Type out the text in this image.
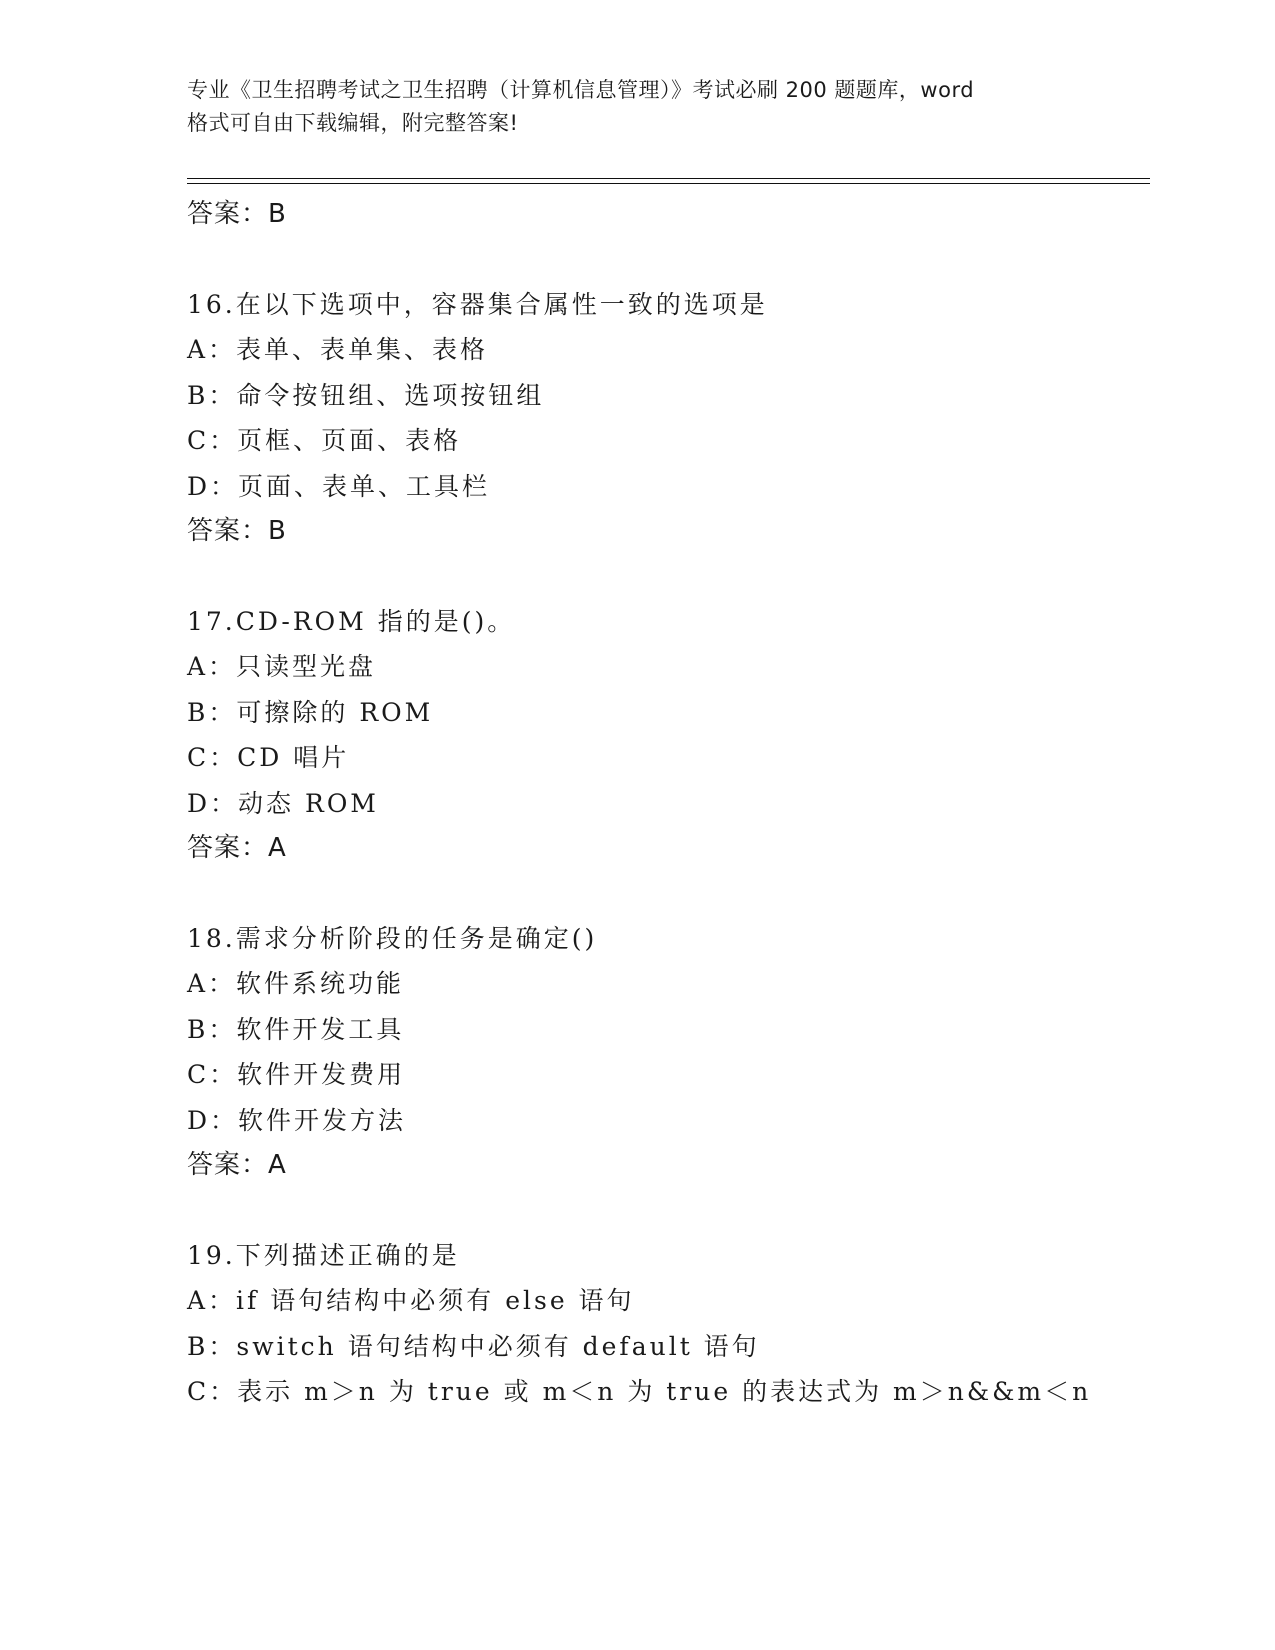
专业《卫生招聘考试之卫生招聘（计算机信息管理）》考试必刷 200 题题库，word
格式可自由下载编辑，附完整答案!
答案：B
16.在以下选项中，容器集合属性一致的选项是
A：表单、表单集、表格
B：命令按钮组、选项按钮组
C：页框、页面、表格
D：页面、表单、工具栏
答案：B
17.CD-ROM 指的是()。
A：只读型光盘
B：可擦除的 ROM
C：CD 唱片
D：动态 ROM
答案：A
18.需求分析阶段的任务是确定()
A：软件系统功能
B：软件开发工具
C：软件开发费用
D：软件开发方法
答案：A
19.下列描述正确的是
A：if 语句结构中必须有 else 语句
B：switch 语句结构中必须有 default 语句
C：表示 m＞n 为 true 或 m＜n 为 true 的表达式为 m＞n&&m＜n
